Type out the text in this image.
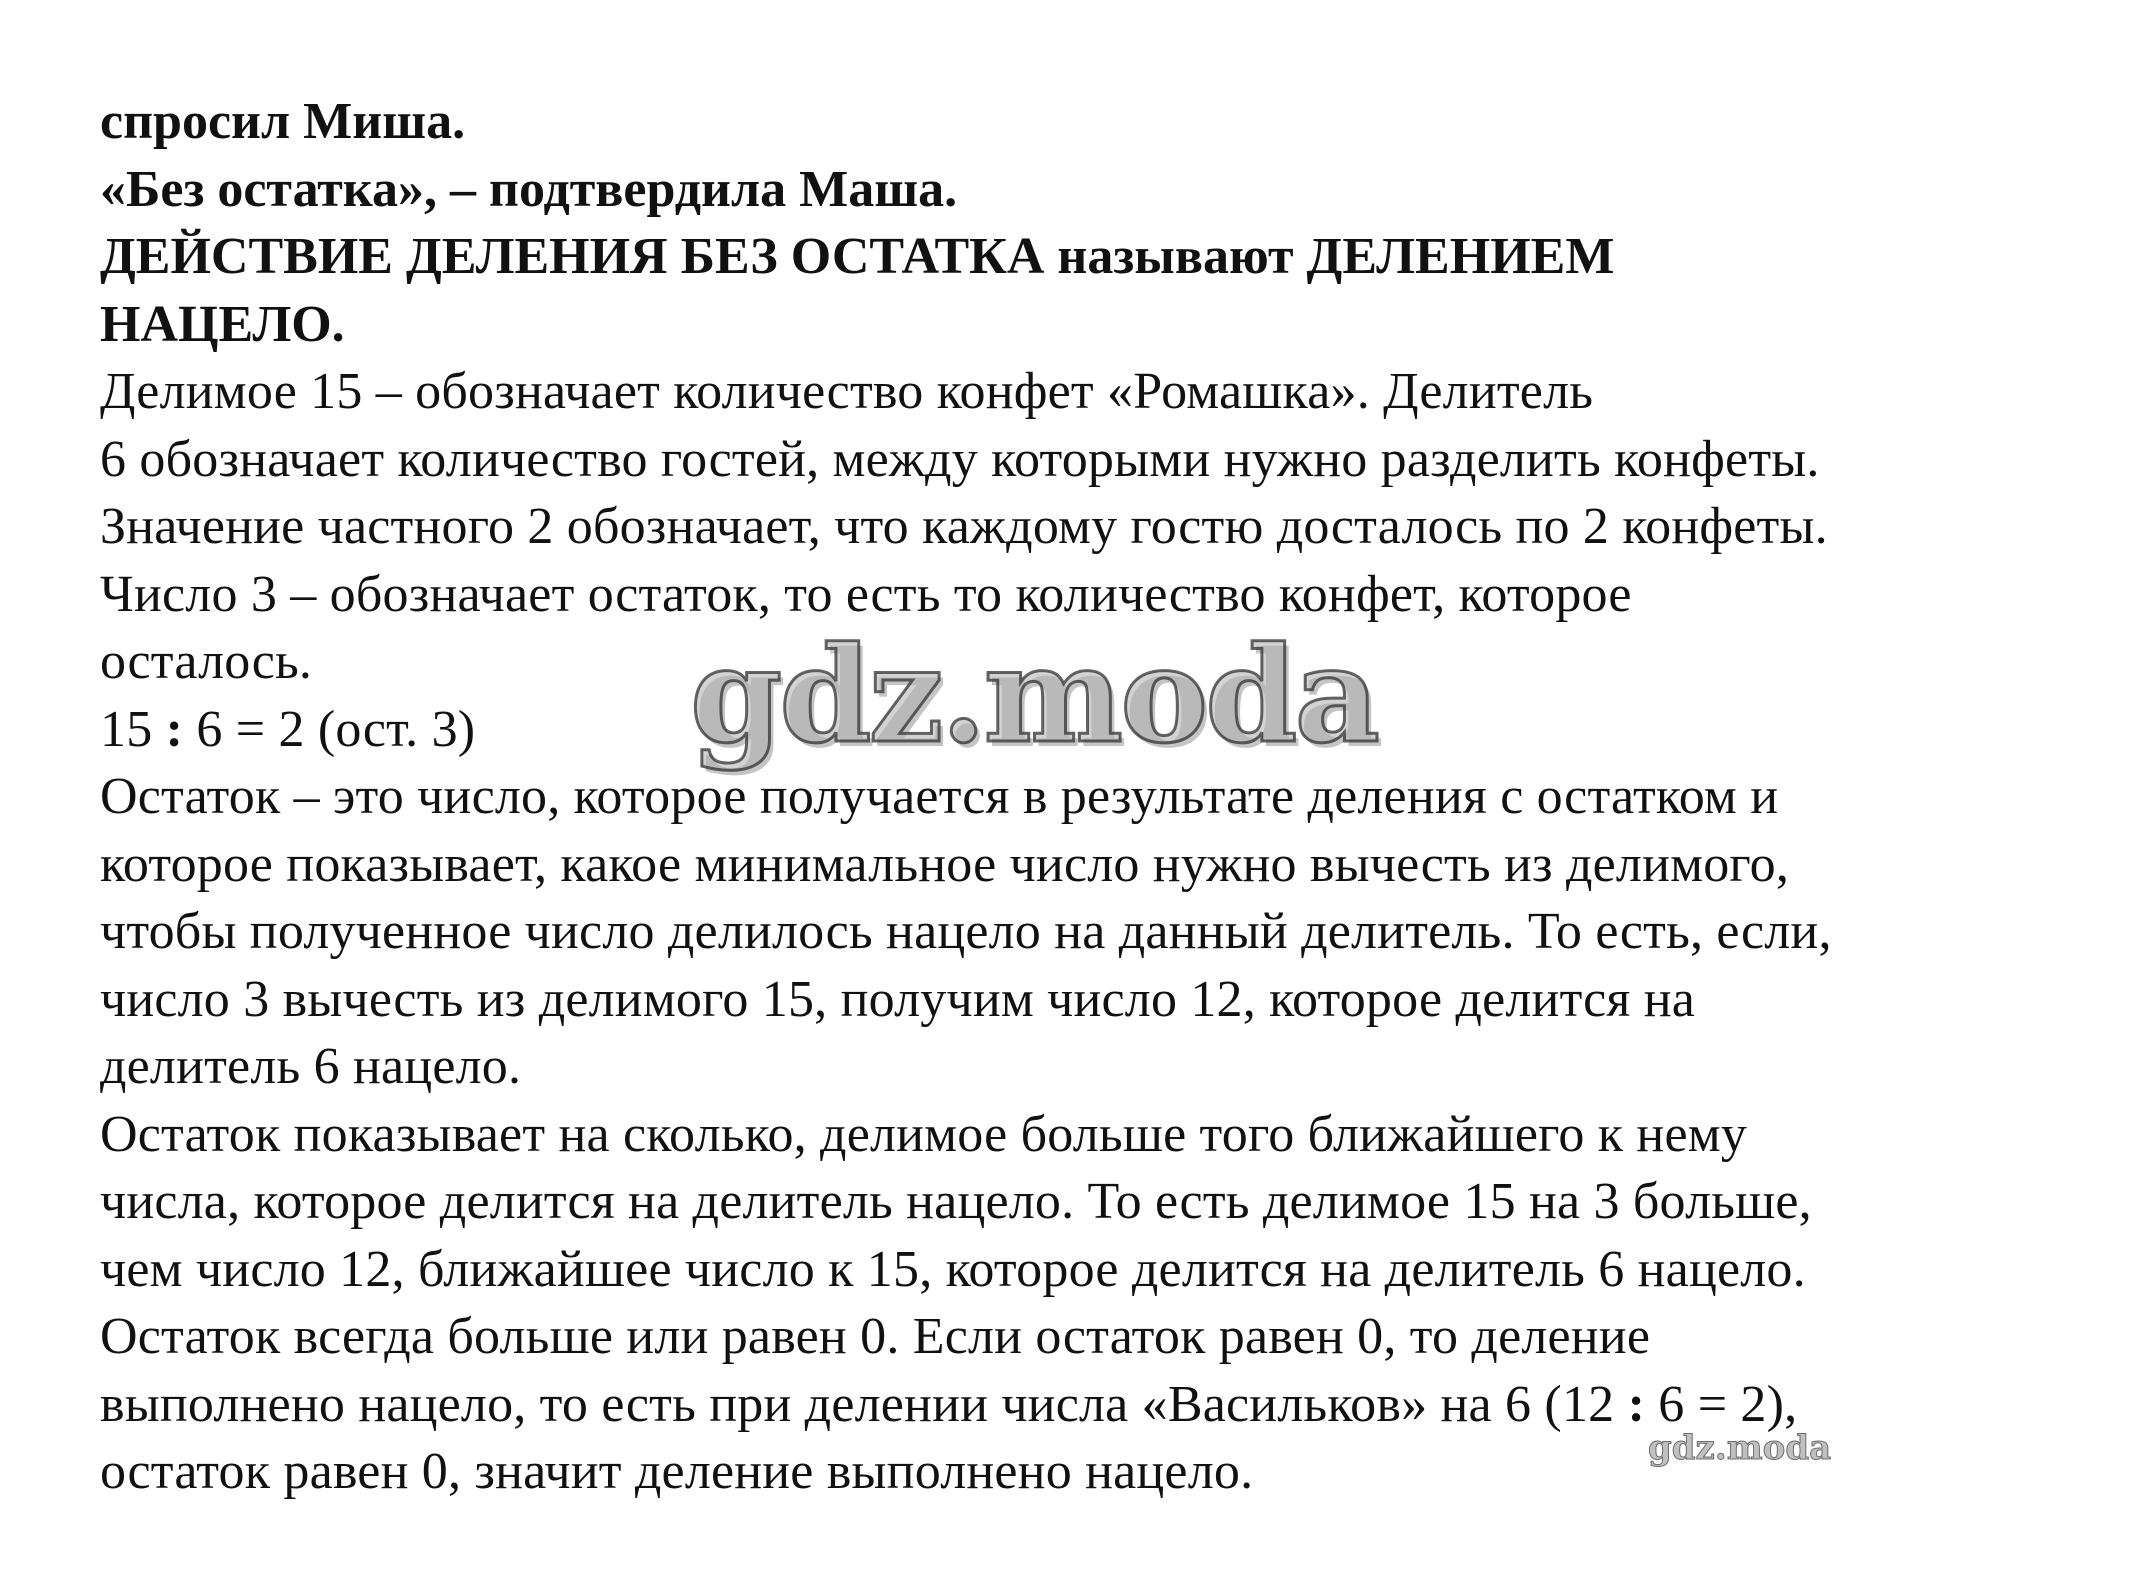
спросил Миша.
«Без остатка», – подтвердила Маша.
ДЕЙСТВИЕ ДЕЛЕНИЯ БЕЗ ОСТАТКА называют ДЕЛЕНИЕМ
НАЦЕЛО.
Делимое 15 – обозначает количество конфет «Ромашка». Делитель
6 обозначает количество гостей, между которыми нужно разделить конфеты.
Значение частного 2 обозначает, что каждому гостю досталось по 2 конфеты.
Число 3 – обозначает остаток, то есть то количество конфет, которое
осталось.
15 : 6 = 2 (ост. 3)
Остаток – это число, которое получается в результате деления с остатком и
которое показывает, какое минимальное число нужно вычесть из делимого,
чтобы полученное число делилось нацело на данный делитель. То есть, если,
число 3 вычесть из делимого 15, получим число 12, которое делится на
делитель 6 нацело.
Остаток показывает на сколько, делимое больше того ближайшего к нему
числа, которое делится на делитель нацело. То есть делимое 15 на 3 больше,
чем число 12, ближайшее число к 15, которое делится на делитель 6 нацело.
Остаток всегда больше или равен 0. Если остаток равен 0, то деление
выполнено нацело, то есть при делении числа «Васильков» на 6 (12 : 6 = 2),
остаток равен 0, значит деление выполнено нацело.
gdz.moda
gdz.moda
